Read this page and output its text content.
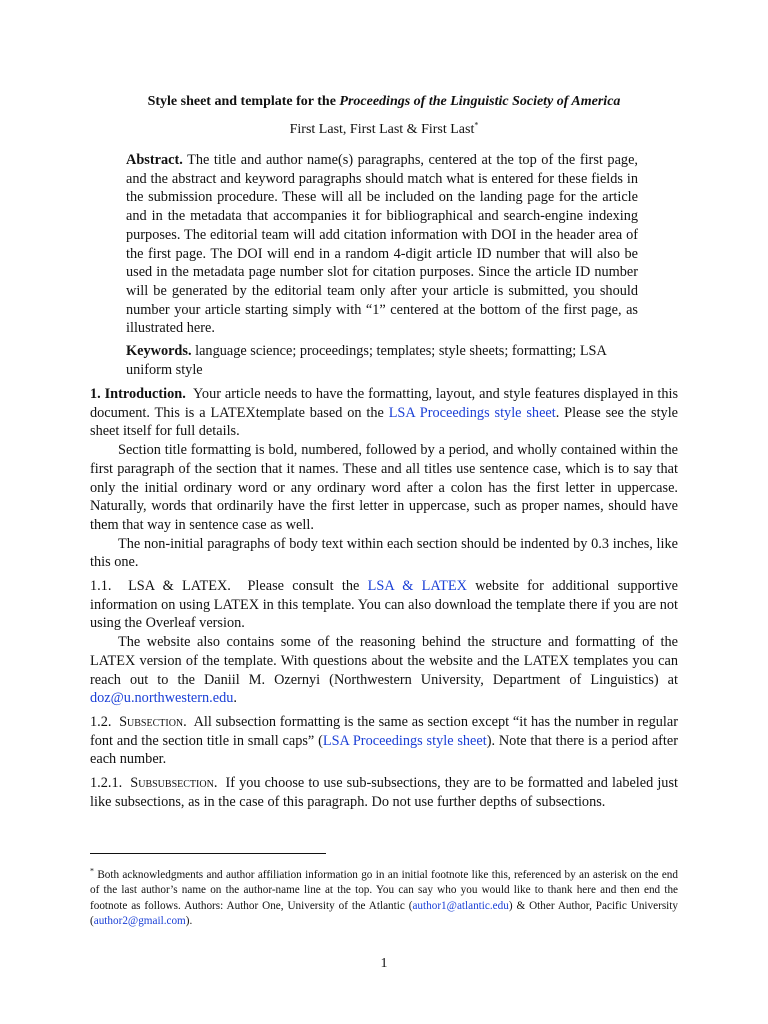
Style sheet and template for the Proceedings of the Linguistic Society of America
First Last, First Last & First Last*
Abstract. The title and author name(s) paragraphs, centered at the top of the first page, and the abstract and keyword paragraphs should match what is entered for these fields in the submission procedure. These will all be included on the landing page for the article and in the metadata that accompanies it for bibliographical and search-engine indexing purposes. The editorial team will add citation information with DOI in the header area of the first page. The DOI will end in a random 4-digit article ID number that will also be used in the metadata page number slot for citation purposes. Since the article ID number will be generated by the editorial team only after your article is submitted, you should number your article starting simply with “1” centered at the bottom of the first page, as illustrated here.
Keywords. language science; proceedings; templates; style sheets; formatting; LSA uniform style

1. Introduction. Your article needs to have the formatting, layout, and style features displayed in this document. This is a LATEXtemplate based on the LSA Proceedings style sheet. Please see the style sheet itself for full details.

Section title formatting is bold, numbered, followed by a period, and wholly contained within the first paragraph of the section that it names. These and all titles use sentence case, which is to say that only the initial ordinary word or any ordinary word after a colon has the first letter in uppercase. Naturally, words that ordinarily have the first letter in uppercase, such as proper names, should have them that way in sentence case as well.

The non-initial paragraphs of body text within each section should be indented by 0.3 inches, like this one.

1.1. LSA & LATEX. Please consult the LSA & LATEX website for additional supportive information on using LATEX in this template. You can also download the template there if you are not using the Overleaf version.

The website also contains some of the reasoning behind the structure and formatting of the LATEX version of the template. With questions about the website and the LATEX templates you can reach out to the Daniil M. Ozernyi (Northwestern University, Department of Linguistics) at doz@u.northwestern.edu.

1.2. Subsection.  All subsection formatting is the same as section except “it has the number in regular font and the section title in small caps” (LSA Proceedings style sheet). Note that there is a period after each number.

1.2.1. Subsubsection.  If you choose to use sub-subsections, they are to be formatted and labeled just like subsections, as in the case of this paragraph. Do not use further depths of subsections.

* Both acknowledgments and author affiliation information go in an initial footnote like this, referenced by an asterisk on the end of the last author’s name on the author-name line at the top. You can say who you would like to thank here and then end the footnote as follows. Authors: Author One, University of the Atlantic (author1@atlantic.edu) & Other Author, Pacific University (author2@gmail.com).
1
